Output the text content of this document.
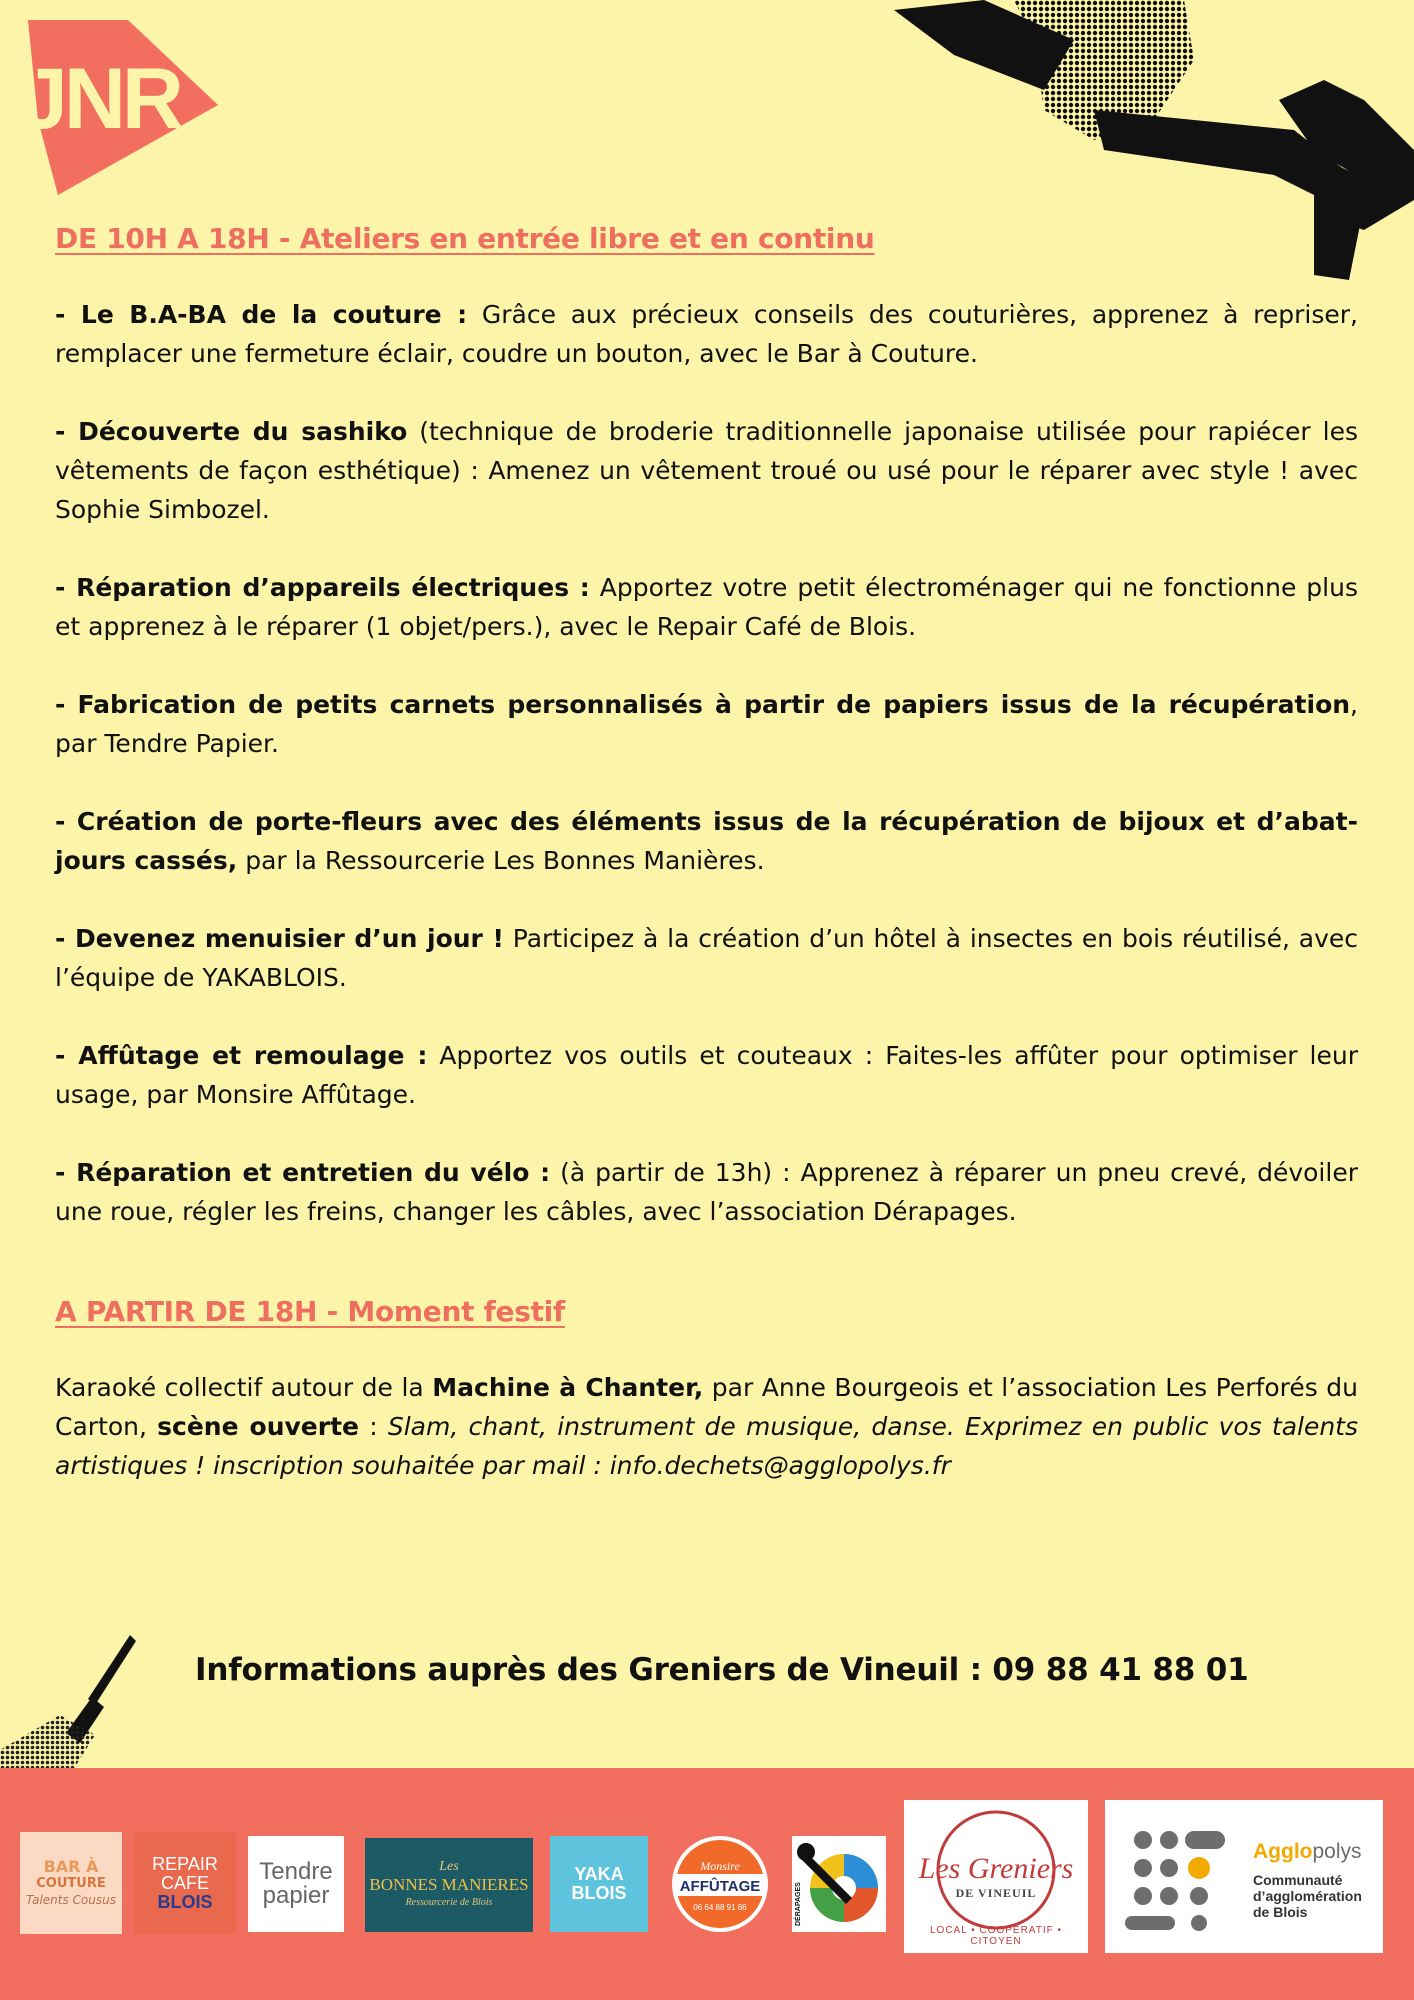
JNR
DE 10H A 18H - Ateliers en entrée libre et en continu

- Le B.A-BA de la couture : Grâce aux précieux conseils des couturières, apprenez à repriser, remplacer une fermeture éclair, coudre un bouton, avec le Bar à Couture.

- Découverte du sashiko (technique de broderie traditionnelle japonaise utilisée pour rapiécer les vêtements de façon esthétique) : Amenez un vêtement troué ou usé pour le réparer avec style ! avec Sophie Simbozel.

- Réparation d’appareils électriques : Apportez votre petit électroménager qui ne fonctionne plus et apprenez à le réparer (1 objet/pers.), avec le Repair Café de Blois.

- Fabrication de petits carnets personnalisés à partir de papiers issus de la récupération, par Tendre Papier.

- Création de porte-fleurs avec des éléments issus de la récupération de bijoux et d’abat-jours cassés, par la Ressourcerie Les Bonnes Manières.

- Devenez menuisier d’un jour ! Participez à la création d’un hôtel à insectes en bois réutilisé, avec l’équipe de YAKABLOIS.

- Affûtage et remoulage : Apportez vos outils et couteaux : Faites-les affûter pour optimiser leur usage, par Monsire Affûtage.

- Réparation et entretien du vélo : (à partir de 13h) : Apprenez à réparer un pneu crevé, dévoiler une roue, régler les freins, changer les câbles, avec l’association Dérapages.

A PARTIR DE 18H - Moment festif

Karaoké collectif autour de la Machine à Chanter, par Anne Bourgeois et l’association Les Perforés du Carton, scène ouverte : Slam, chant, instrument de musique, danse. Exprimez en public vos talents artistiques ! inscription souhaitée par mail : info.dechets@agglopolys.fr

Informations auprès des Greniers de Vineuil : 09 88 41 88 01
BAR À
COUTURE
Talents Cousus
REPAIR
CAFE
BLOIS
Tendre
papier
Les
BONNES MANIERES
Ressourcerie de Blois
YAKA
BLOIS
Monsire
AFFÛTAGE
06 64 88 91 86	DÉRAPAGES
Les Greniers
DE VINEUIL
LOCAL • COOPÉRATIF • CITOYEN
Agglopolys
Communauté
d’agglomération
de Blois
